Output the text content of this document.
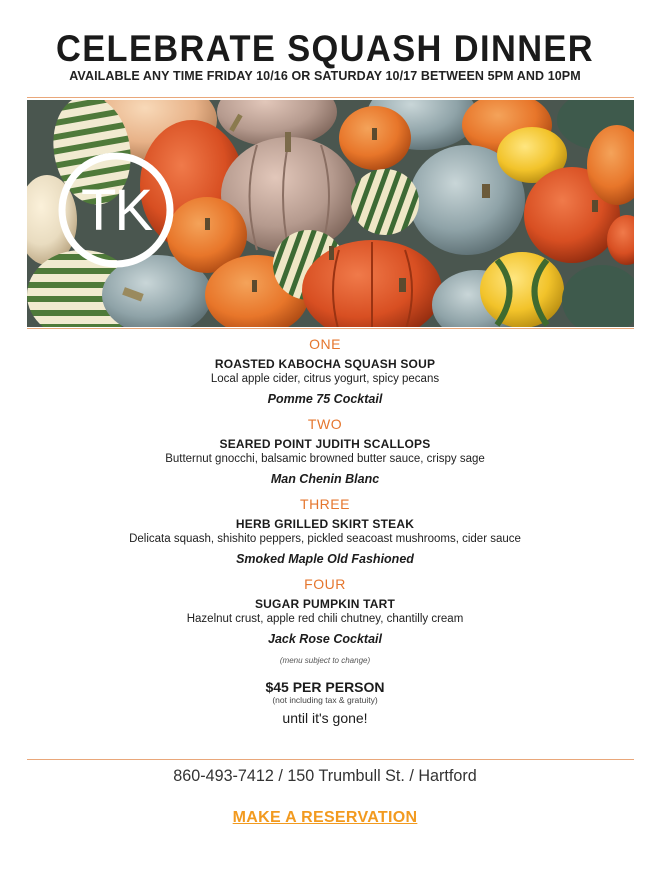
CELEBRATE SQUASH DINNER
AVAILABLE ANY TIME FRIDAY 10/16 OR SATURDAY 10/17 BETWEEN 5PM AND 10PM
TK
ONE
ROASTED KABOCHA SQUASH SOUP
Local apple cider, citrus yogurt, spicy pecans
Pomme 75 Cocktail
TWO
SEARED POINT JUDITH SCALLOPS
Butternut gnocchi, balsamic browned butter sauce, crispy sage
Man Chenin Blanc
THREE
HERB GRILLED SKIRT STEAK
Delicata squash, shishito peppers, pickled seacoast mushrooms, cider sauce
Smoked Maple Old Fashioned
FOUR
SUGAR PUMPKIN TART
Hazelnut crust, apple red chili chutney, chantilly cream
Jack Rose Cocktail
(menu subject to change)
$45 PER PERSON
(not including tax & gratuity)
until it's gone!
860-493-7412 / 150 Trumbull St. / Hartford
MAKE A RESERVATION
